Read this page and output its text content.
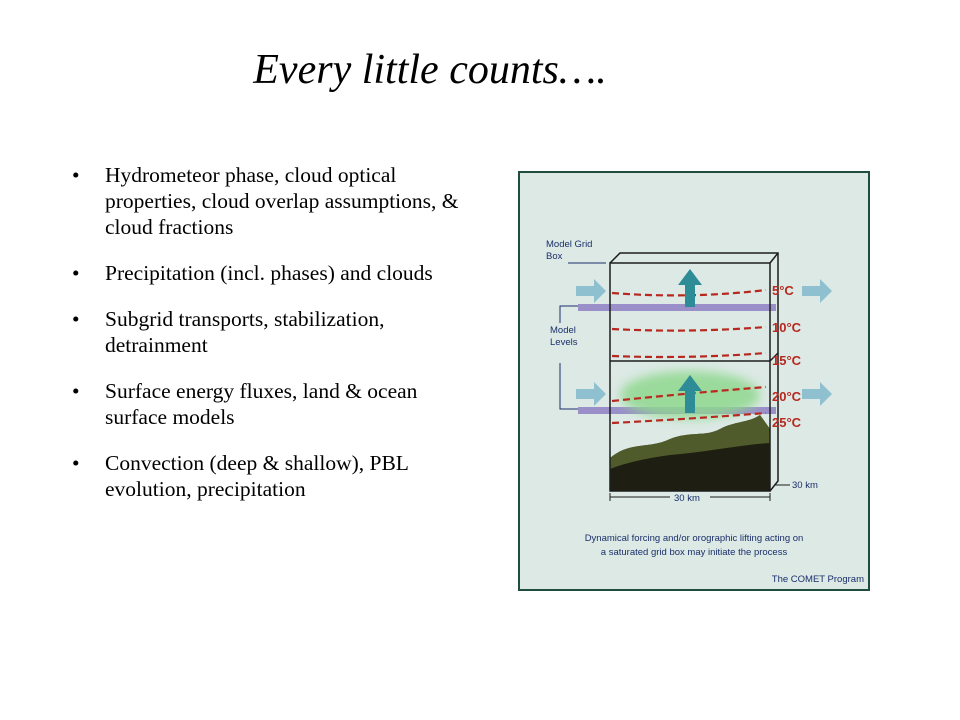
Every little counts….
• Hydrometeor phase, cloud optical properties, cloud overlap assumptions, & cloud fractions
• Precipitation (incl. phases) and clouds
• Subgrid transports, stabilization, detrainment
• Surface energy fluxes, land & ocean surface models
• Convection (deep & shallow), PBL evolution, precipitation
Model Grid
Box
Model
Levels
5°C
10°C
15°C
20°C
25°C
30 km
30 km
Dynamical forcing and/or orographic lifting acting on
a saturated grid box may initiate the process
The COMET Program
